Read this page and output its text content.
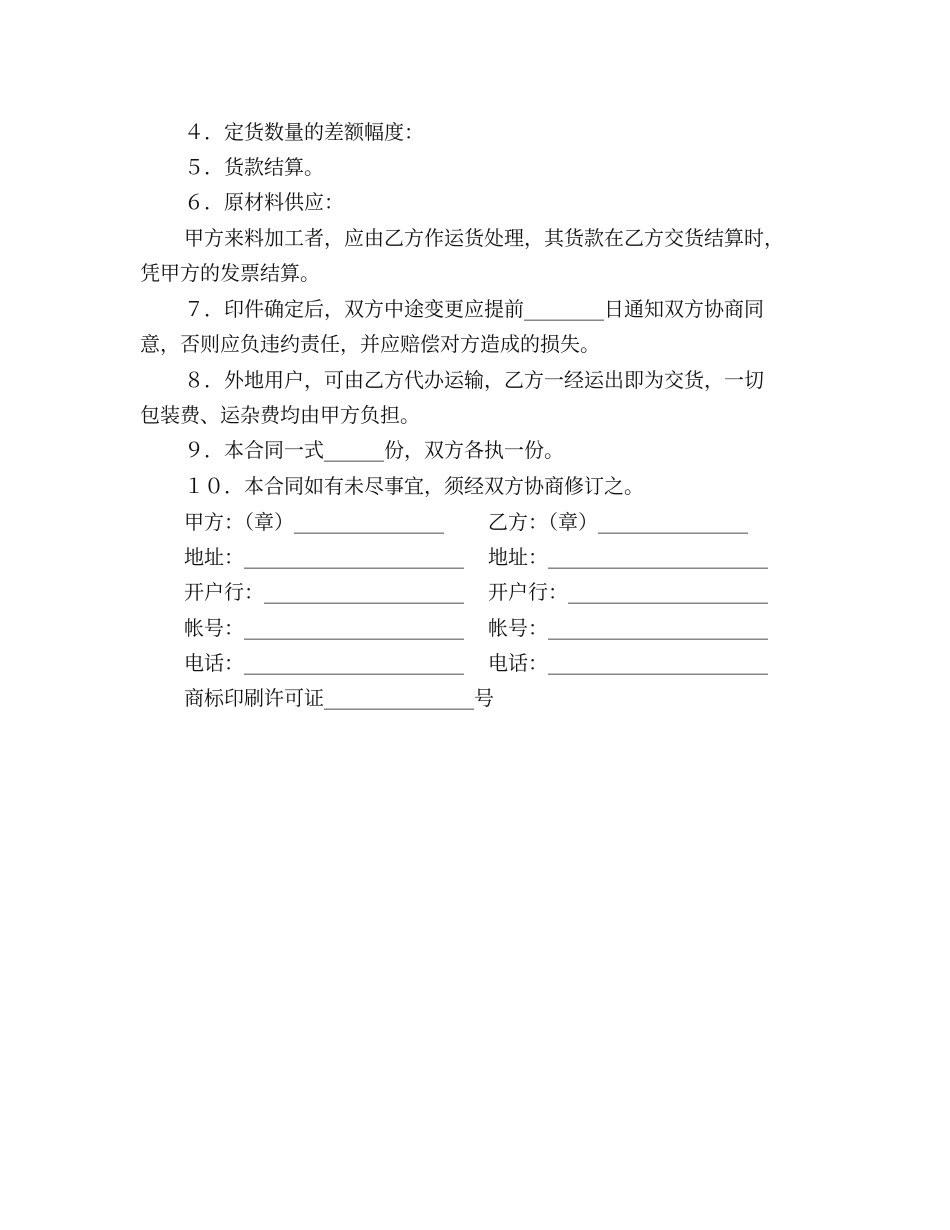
４．定货数量的差额幅度：
５．货款结算。
６．原材料供应：
甲方来料加工者，应由乙方作运货处理，其货款在乙方交货结算时，
凭甲方的发票结算。
７．印件确定后，双方中途变更应提前________日通知双方协商同
意，否则应负违约责任，并应赔偿对方造成的损失。
８．外地用户，可由乙方代办运输，乙方一经运出即为交货，一切
包装费、运杂费均由甲方负担。
９．本合同一式______份，双方各执一份。
１０．本合同如有未尽事宜，须经双方协商修订之。
甲方：（章）_______________ 乙方：（章）_______________
地址：______________________ 地址：______________________
开户行：____________________ 开户行：____________________
帐号：______________________ 帐号：______________________
电话：______________________ 电话：______________________
商标印刷许可证_______________号
